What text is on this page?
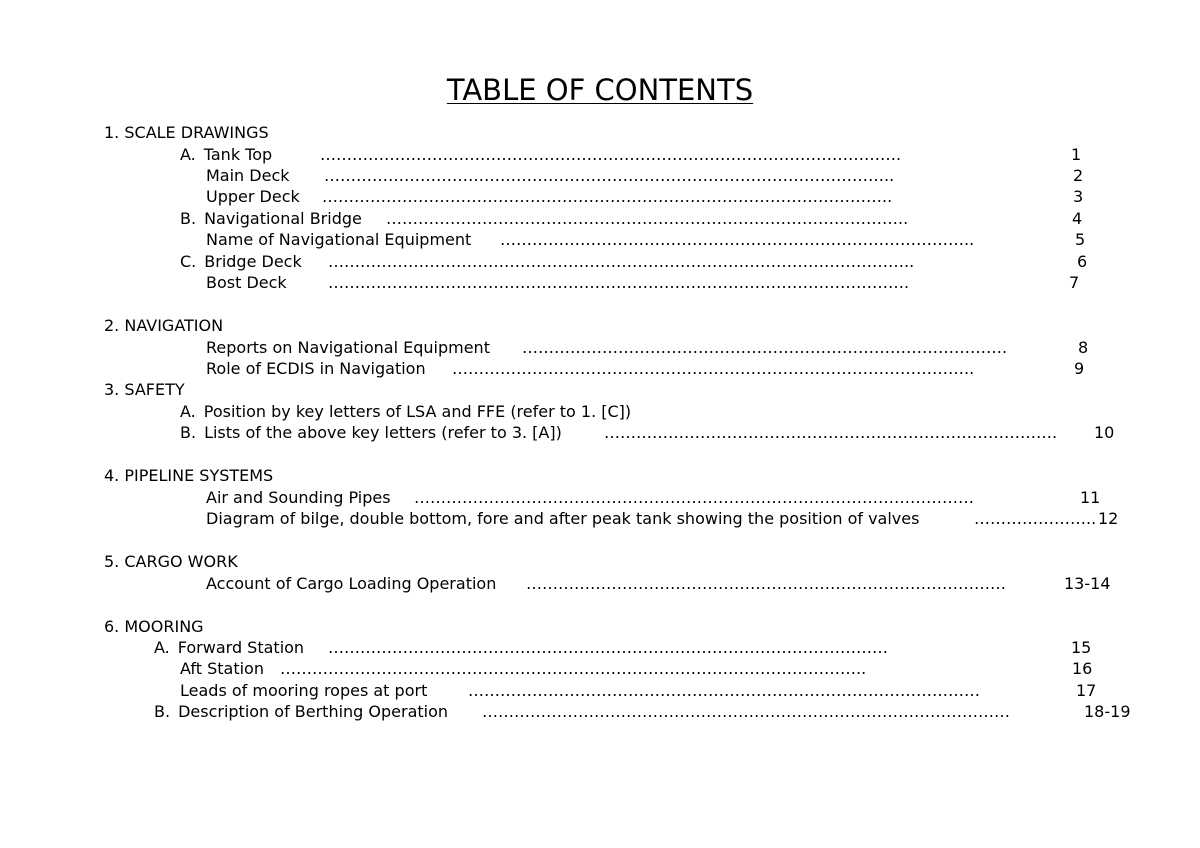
TABLE OF CONTENTS
1. SCALE DRAWINGS
A. Tank Top	……………………………………………………………………………………………….	1
Main Deck ……………………………………………………………………………………………..	2
Upper Deck ……………………………………………………………………………………………..	3
B. Navigational Bridge ……………………………………………………………………………………..	4
Name of Navigational Equipment ……………………………………………………………………………..	5
C. Bridge Deck ………………………………………………………………………………………………..	6
Bost Deck	……………………………………………………………………………………………….	7
2. NAVIGATION
Reports on Navigational Equipment ……………………………………………………………………………….	8
Role of ECDIS in Navigation ……………………………………………………………………………………..	9
3. SAFETY
A. Position by key letters of LSA and FFE (refer to 1. [C])
B. Lists of the above key letters (refer to 3. [A])	…………………………………………………………………………. 10
4. PIPELINE SYSTEMS
Air and Sounding Pipes ……………………………………………………………………………………………	11
Diagram of bilge, double bottom, fore and after peak tank showing the position of valves	………………….. 12
5. CARGO WORK
Account of Cargo Loading Operation ………………………………………………………………………………	13-14
6. MOORING
A. Forward Station ……………………………………………………………………………………………	15
Aft Station ………………………………………………………………………………………………..	16
Leads of mooring ropes at port	……………………………………………………………………………………	17
B. Description of Berthing Operation ………………………………………………………………………………………	18-19
